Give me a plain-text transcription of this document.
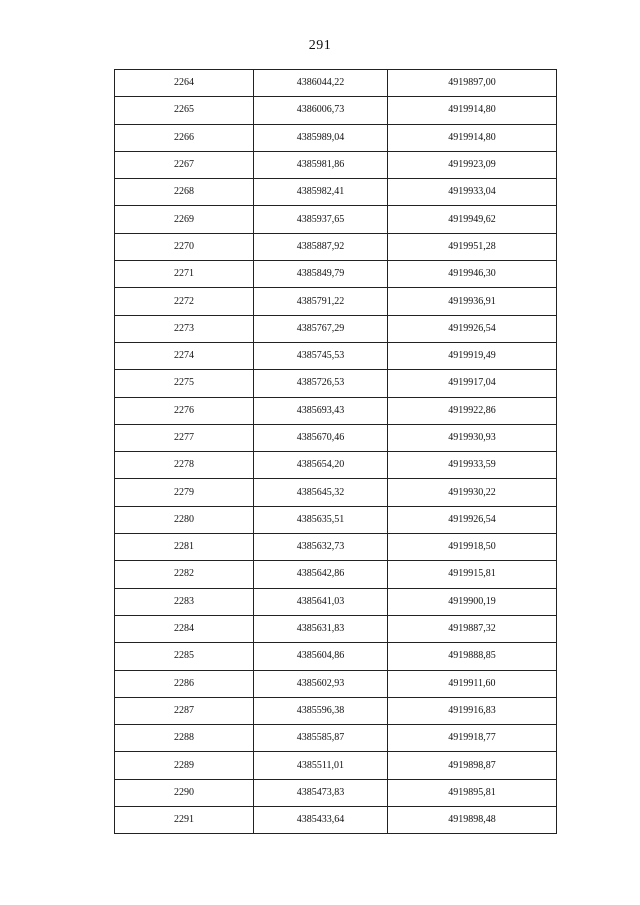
291
2264	4386044,22	4919897,00
2265	4386006,73	4919914,80
2266	4385989,04	4919914,80
2267	4385981,86	4919923,09
2268	4385982,41	4919933,04
2269	4385937,65	4919949,62
2270	4385887,92	4919951,28
2271	4385849,79	4919946,30
2272	4385791,22	4919936,91
2273	4385767,29	4919926,54
2274	4385745,53	4919919,49
2275	4385726,53	4919917,04
2276	4385693,43	4919922,86
2277	4385670,46	4919930,93
2278	4385654,20	4919933,59
2279	4385645,32	4919930,22
2280	4385635,51	4919926,54
2281	4385632,73	4919918,50
2282	4385642,86	4919915,81
2283	4385641,03	4919900,19
2284	4385631,83	4919887,32
2285	4385604,86	4919888,85
2286	4385602,93	4919911,60
2287	4385596,38	4919916,83
2288	4385585,87	4919918,77
2289	4385511,01	4919898,87
2290	4385473,83	4919895,81
2291	4385433,64	4919898,48
